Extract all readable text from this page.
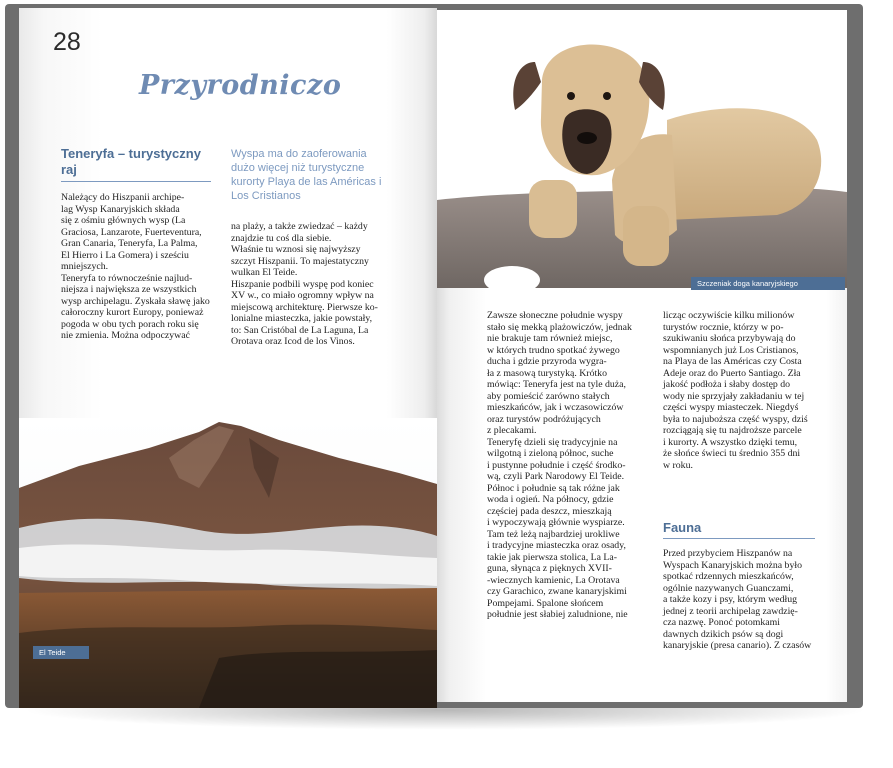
28
Przyrodniczo
Teneryfa – turystyczny raj
Wyspa ma do zaoferowania dużo więcej niż turystyczne kurorty Playa de las Américas i Los Cristianos
Należący do Hiszpanii archipe-
lag Wysp Kanaryjskich składa
się z ośmiu głównych wysp (La
Graciosa, Lanzarote, Fuerteventura,
Gran Canaria, Teneryfa, La Palma,
El Hierro i La Gomera) i sześciu
mniejszych.
Teneryfa to równocześnie najlud-
niejsza i największa ze wszystkich
wysp archipelagu. Zyskała sławę jako
całoroczny kurort Europy, ponieważ
pogoda w obu tych porach roku się
nie zmienia. Można odpoczywać
na plaży, a także zwiedzać – każdy
znajdzie tu coś dla siebie.
Właśnie tu wznosi się najwyższy
szczyt Hiszpanii. To majestatyczny
wulkan El Teide.
Hiszpanie podbili wyspę pod koniec
XV w., co miało ogromny wpływ na
miejscową architekturę. Pierwsze ko-
lonialne miasteczka, jakie powstały,
to: San Cristóbal de La Laguna, La
Orotava oraz Icod de los Vinos.
El Teide
Szczeniak doga kanaryjskiego
Zawsze słoneczne południe wyspy
stało się mekką plażowiczów, jednak
nie brakuje tam również miejsc,
w których trudno spotkać żywego
ducha i gdzie przyroda wygra-
ła z masową turystyką. Krótko
mówiąc: Teneryfa jest na tyle duża,
aby pomieścić zarówno stałych
mieszkańców, jak i wczasowiczów
oraz turystów podróżujących
z plecakami.
Teneryfę dzieli się tradycyjnie na
wilgotną i zieloną północ, suche
i pustynne południe i część środko-
wą, czyli Park Narodowy El Teide.
Północ i południe są tak różne jak
woda i ogień. Na północy, gdzie
częściej pada deszcz, mieszkają
i wypoczywają głównie wyspiarze.
Tam też leżą najbardziej urokliwe
i tradycyjne miasteczka oraz osady,
takie jak pierwsza stolica, La La-
guna, słynąca z pięknych XVII-
-wiecznych kamienic, La Orotava
czy Garachico, zwane kanaryjskimi
Pompejami. Spalone słońcem
południe jest słabiej zaludnione, nie
licząc oczywiście kilku milionów
turystów rocznie, którzy w po-
szukiwaniu słońca przybywają do
wspomnianych już Los Cristianos,
na Playa de las Américas czy Costa
Adeje oraz do Puerto Santiago. Zła
jakość podłoża i słaby dostęp do
wody nie sprzyjały zakładaniu w tej
części wyspy miasteczek. Niegdyś
była to najuboższa część wyspy, dziś
rozciągają się tu najdroższe parcele
i kurorty. A wszystko dzięki temu,
że słońce świeci tu średnio 355 dni
w roku.
Fauna
Przed przybyciem Hiszpanów na
Wyspach Kanaryjskich można było
spotkać rdzennych mieszkańców,
ogólnie nazywanych Guanczami,
a także kozy i psy, którym według
jednej z teorii archipelag zawdzię-
cza nazwę. Ponoć potomkami
dawnych dzikich psów są dogi
kanaryjskie (presa canario). Z czasów
